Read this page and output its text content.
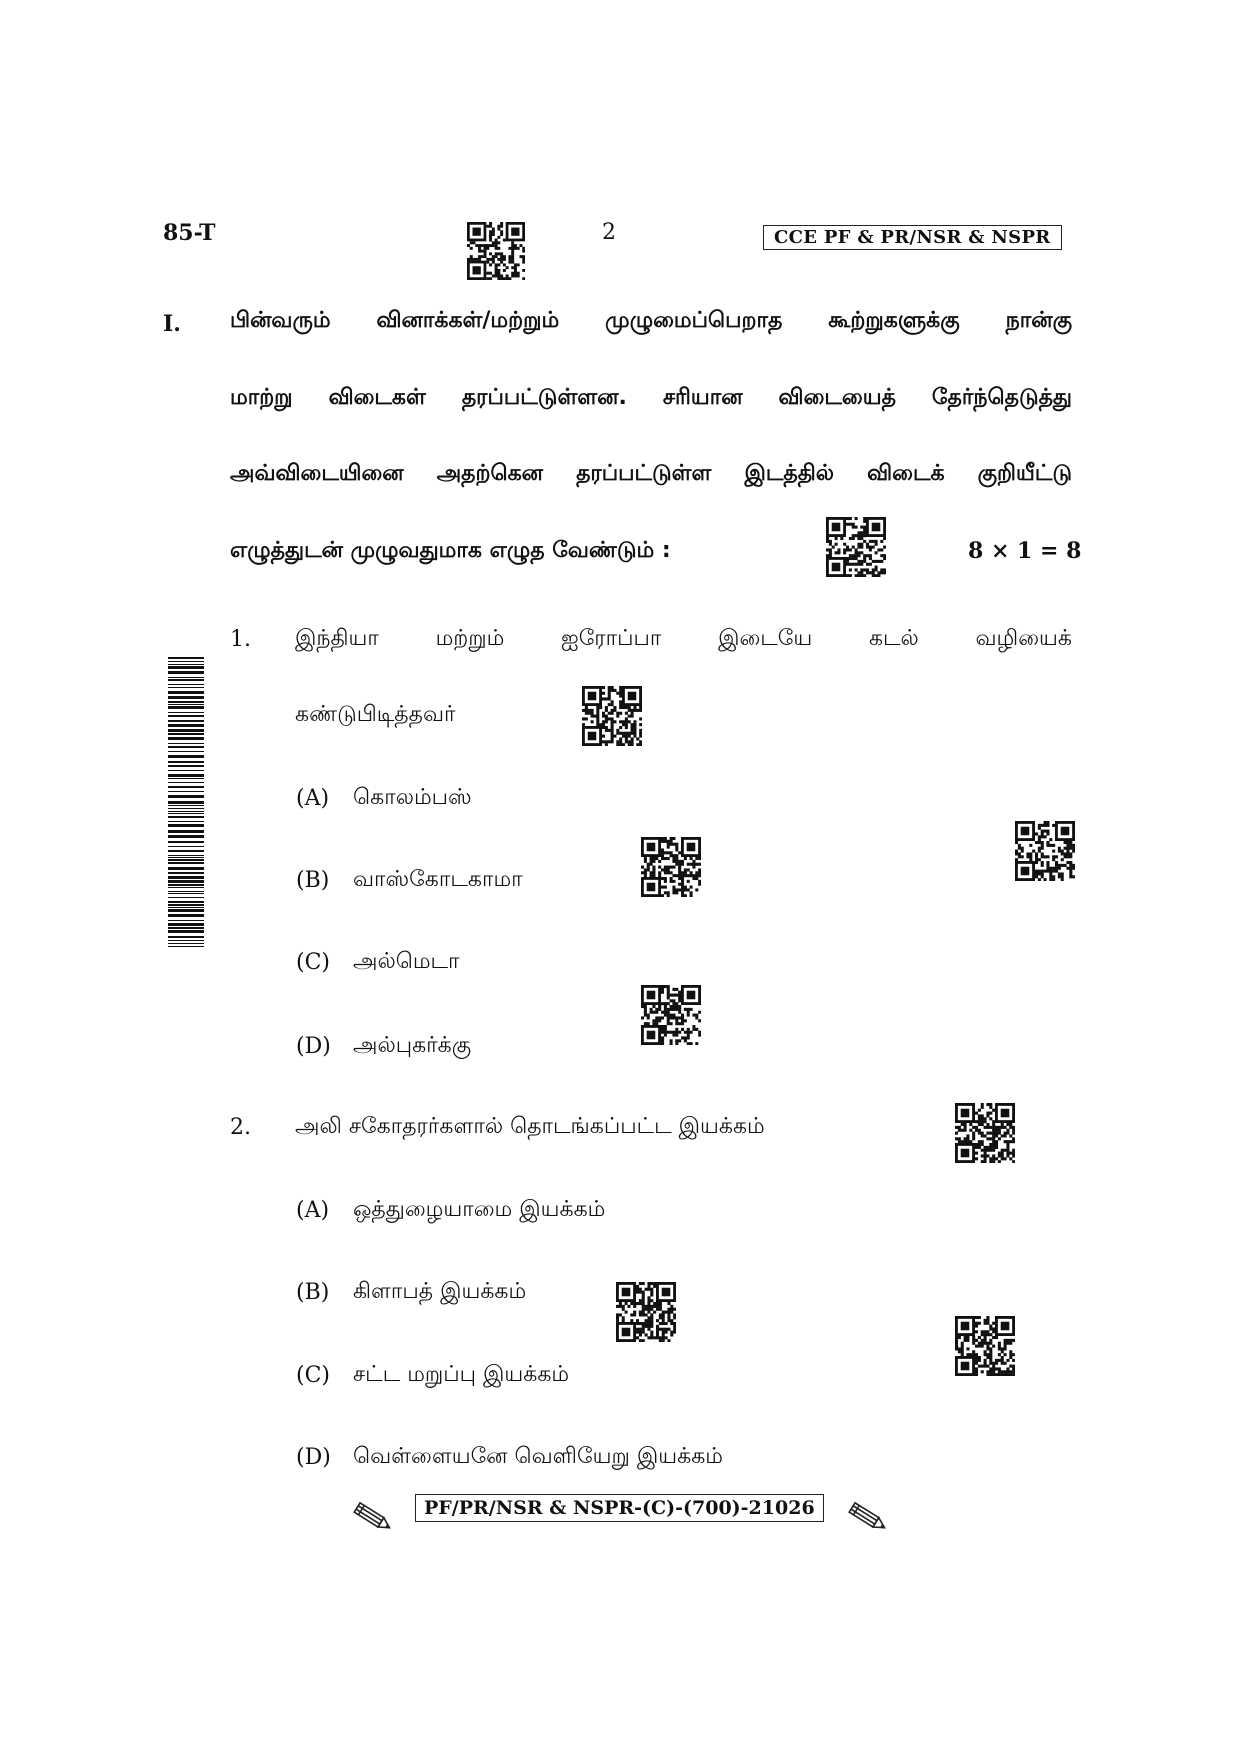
85-T	2	CCE PF & PR/NSR & NSPR
I. பின்வரும் வினாக்கள்/மற்றும் முழுமைப்பெறாத கூற்றுகளுக்கு நான்கு
மாற்று விடைகள் தரப்பட்டுள்ளன. சரியான விடையைத் தேர்ந்தெடுத்து
அவ்விடையினை அதற்கென தரப்பட்டுள்ள இடத்தில் விடைக் குறியீட்டு
எழுத்துடன் முழுவதுமாக எழுத வேண்டும் :	8 × 1 = 8
1. இந்தியா	மற்றும்	ஐரோப்பா	இடையே	கடல்	வழியைக்
கண்டுபிடித்தவர்
(A) கொலம்பஸ்
(B) வாஸ்கோடகாமா
(C) அல்மெடா
(D) அல்புகர்க்கு
2. அலி சகோதரர்களால் தொடங்கப்பட்ட இயக்கம்
(A) ஒத்துழையாமை இயக்கம்
(B) கிளாபத் இயக்கம்
(C) சட்ட மறுப்பு இயக்கம்
(D) வெள்ளையனே வெளியேறு இயக்கம்
PF/PR/NSR & NSPR-(C)-(700)-21026
